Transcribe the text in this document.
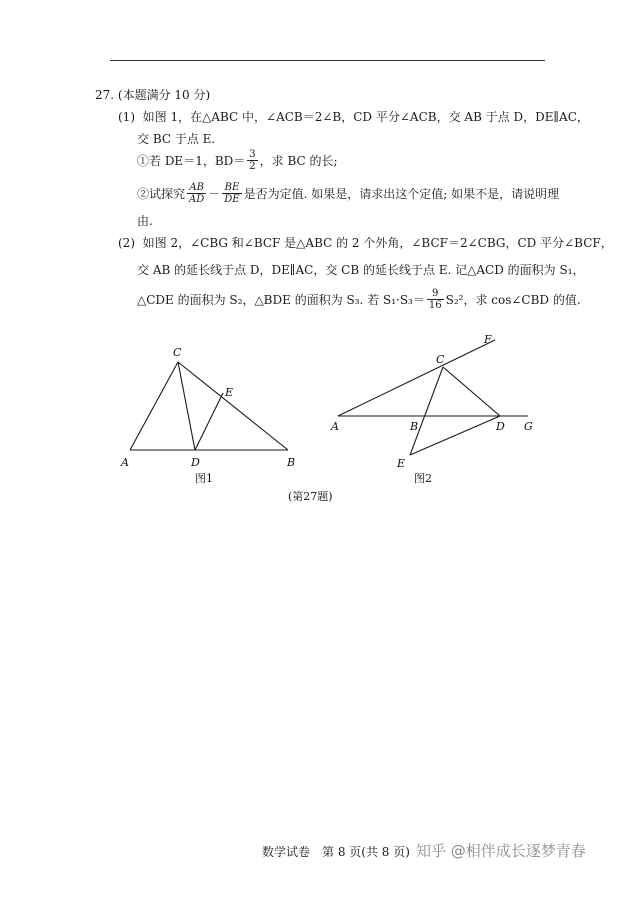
27. (本题满分 10 分)
(1) 如图 1，在△ABC 中，∠ACB＝2∠B，CD 平分∠ACB，交 AB 于点 D，DE∥AC，
交 BC 于点 E.
①若 DE＝1，$BD= \frac{3}{2}$ ，求 BC 的长;
②试探究 $\frac{AB}{AD} - \frac{BE}{DE}$ 是否为定值. 如果是，请求出这个定值; 如果不是，请说明理
由.
(2) 如图 2，∠CBG 和∠BCF 是△ABC 的 2 个外角，∠BCF＝2∠CBG，CD 平分∠BCF，
交 AB 的延长线于点 D，DE∥AC，交 CB 的延长线于点 E. 记△ACD 的面积为 S₁，
△CDE 的面积为 S₂，△BDE 的面积为 S₃. 若 $S_1\cdot S_3= \frac{9}{16} S_2^2$，求 cos∠CBD 的值.
C
E
A	D	B
图1
F
C
A	B	D G
E
图2
(第27题)
数学试卷　第 8 页(共 8 页) 知乎 @相伴成长逐梦青春
